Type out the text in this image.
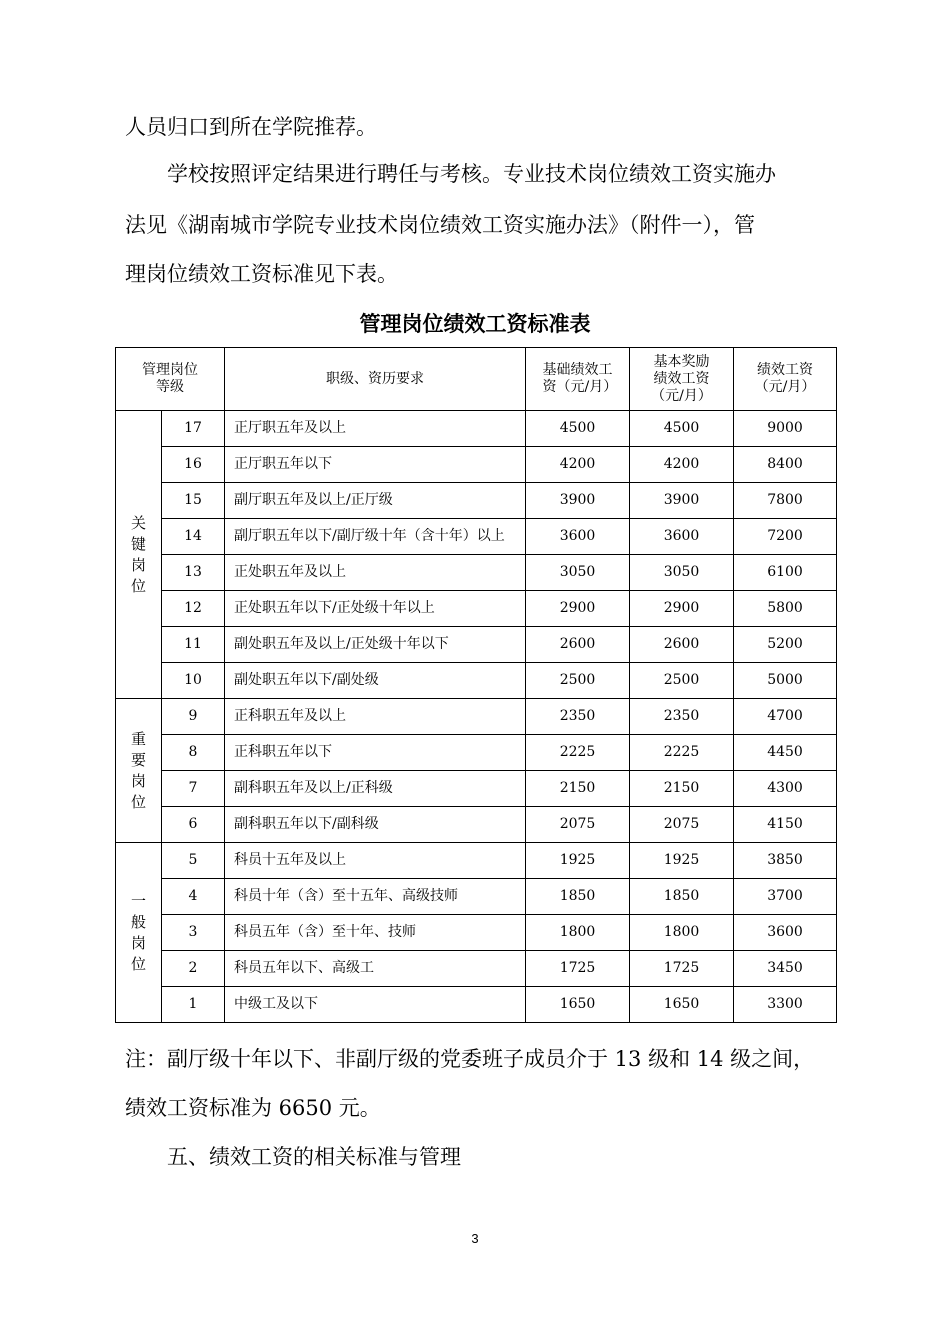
人员归口到所在学院推荐。
学校按照评定结果进行聘任与考核。专业技术岗位绩效工资实施办
法见《湖南城市学院专业技术岗位绩效工资实施办法》（附件一），管
理岗位绩效工资标准见下表。
管理岗位绩效工资标准表
管理岗位等级		职级、资历要求	基础绩效工资（元/月）	基本奖励绩效工资（元/月）	绩效工资（元/月）
关键岗位	17	正厅职五年及以上	4500	4500	9000
	16	正厅职五年以下	4200	4200	8400
	15	副厅职五年及以上/正厅级	3900	3900	7800
	14	副厅职五年以下/副厅级十年（含十年）以上	3600	3600	7200
	13	正处职五年及以上	3050	3050	6100
	12	正处职五年以下/正处级十年以上	2900	2900	5800
	11	副处职五年及以上/正处级十年以下	2600	2600	5200
	10	副处职五年以下/副处级	2500	2500	5000
重要岗位	9	正科职五年及以上	2350	2350	4700
	8	正科职五年以下	2225	2225	4450
	7	副科职五年及以上/正科级	2150	2150	4300
	6	副科职五年以下/副科级	2075	2075	4150
一般岗位	5	科员十五年及以上	1925	1925	3850
	4	科员十年（含）至十五年、高级技师	1850	1850	3700
	3	科员五年（含）至十年、技师	1800	1800	3600
	2	科员五年以下、高级工	1725	1725	3450
	1	中级工及以下	1650	1650	3300
注：副厅级十年以下、非副厅级的党委班子成员介于 13 级和 14 级之间，
绩效工资标准为 6650 元。
五、绩效工资的相关标准与管理
3
